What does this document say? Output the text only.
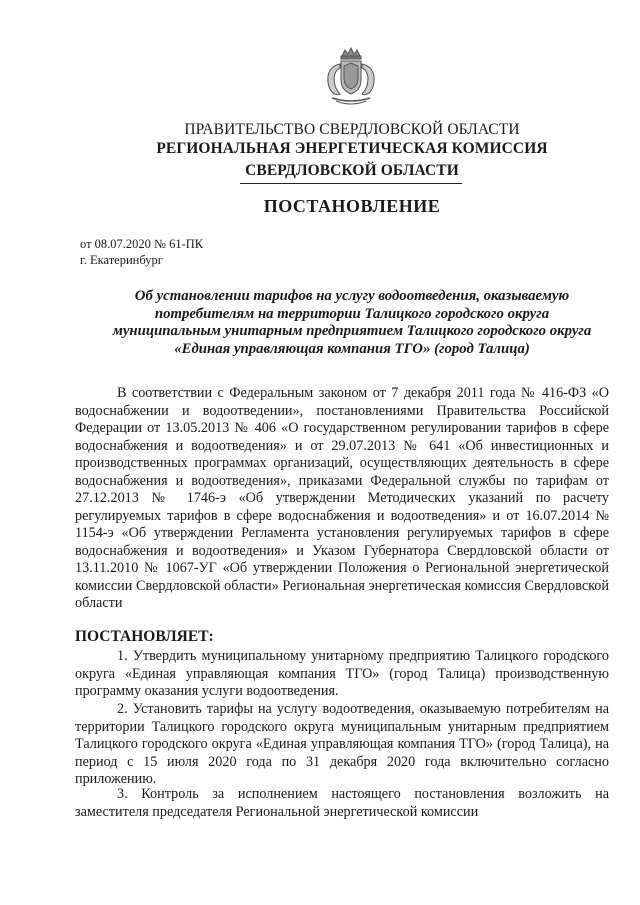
ПРАВИТЕЛЬСТВО СВЕРДЛОВСКОЙ ОБЛАСТИ
РЕГИОНАЛЬНАЯ ЭНЕРГЕТИЧЕСКАЯ КОМИССИЯ
СВЕРДЛОВСКОЙ ОБЛАСТИ
ПОСТАНОВЛЕНИЕ
от 08.07.2020 № 61-ПК
г. Екатеринбург
Об установлении тарифов на услугу водоотведения, оказываемую потребителям на территории Талицкого городского округа муниципальным унитарным предприятием Талицкого городского округа «Единая управляющая компания ТГО» (город Талица)
В соответствии с Федеральным законом от 7 декабря 2011 года № 416-ФЗ «О водоснабжении и водоотведении», постановлениями Правительства Российской Федерации от 13.05.2013 № 406 «О государственном регулировании тарифов в сфере водоснабжения и водоотведения» и от 29.07.2013 № 641 «Об инвестиционных и производственных программах организаций, осуществляющих деятельность в сфере водоснабжения и водоотведения», приказами Федеральной службы по тарифам от 27.12.2013 № 1746-э «Об утверждении Методических указаний по расчету регулируемых тарифов в сфере водоснабжения и водоотведения» и от 16.07.2014 № 1154-э «Об утверждении Регламента установления регулируемых тарифов в сфере водоснабжения и водоотведения» и Указом Губернатора Свердловской области от 13.11.2010 № 1067-УГ «Об утверждении Положения о Региональной энергетической комиссии Свердловской области» Региональная энергетическая комиссия Свердловской области
ПОСТАНОВЛЯЕТ:
1. Утвердить муниципальному унитарному предприятию Талицкого городского округа «Единая управляющая компания ТГО» (город Талица) производственную программу оказания услуги водоотведения.
2. Установить тарифы на услугу водоотведения, оказываемую потребителям на территории Талицкого городского округа муниципальным унитарным предприятием Талицкого городского округа «Единая управляющая компания ТГО» (город Талица), на период с 15 июля 2020 года по 31 декабря 2020 года включительно согласно приложению.
3. Контроль за исполнением настоящего постановления возложить на заместителя председателя Региональной энергетической комиссии
